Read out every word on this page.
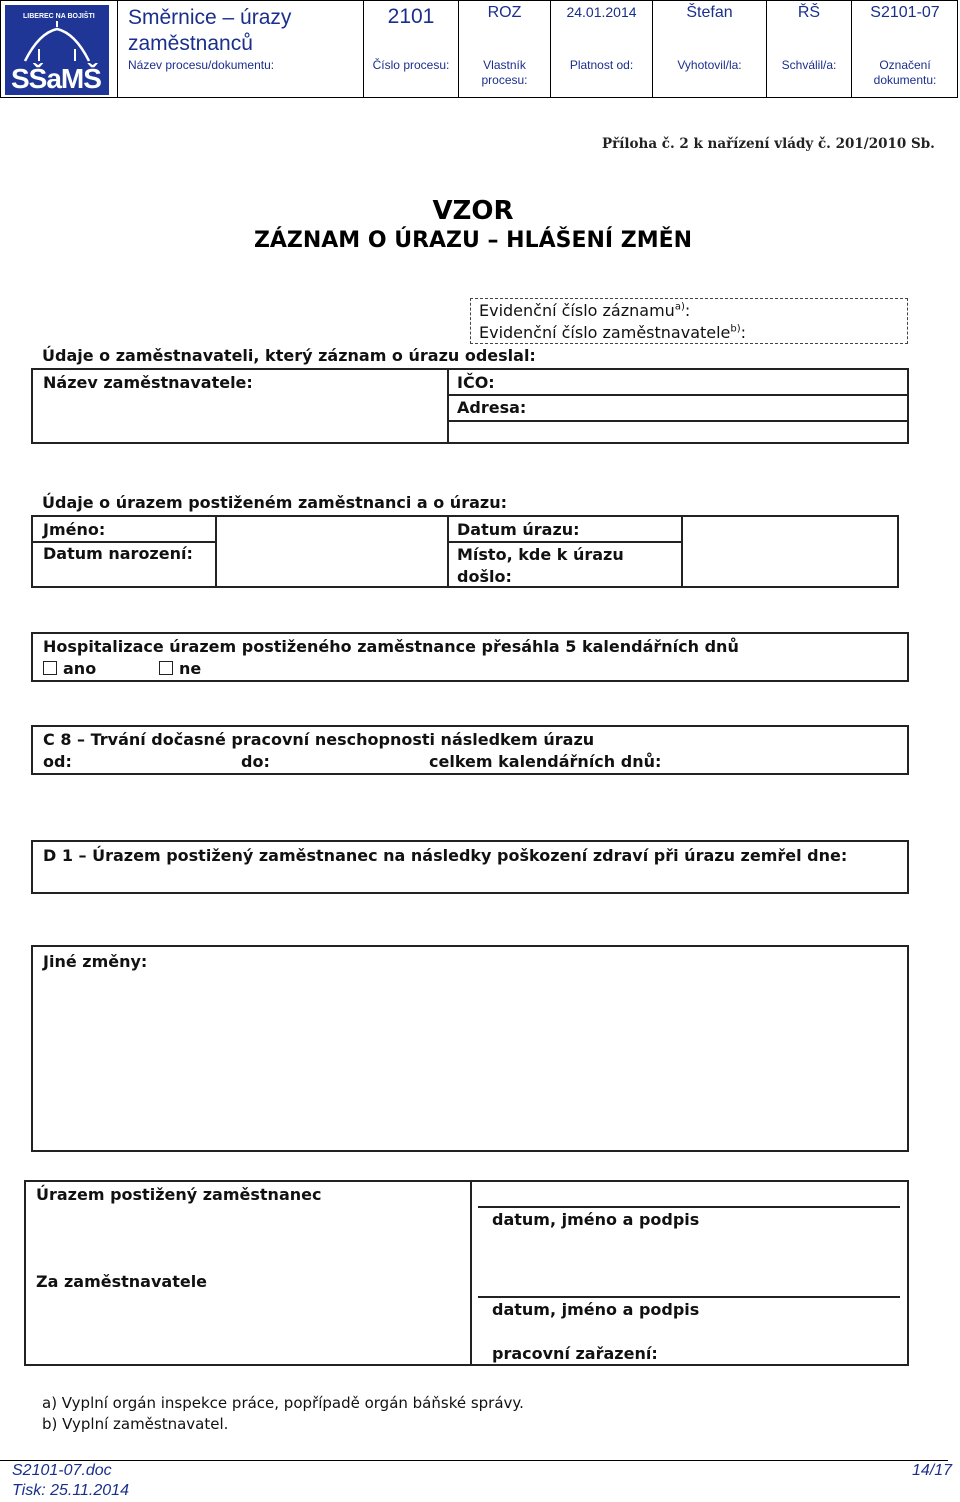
LIBEREC NA BOJIŠTI
SŠaMŠ
Směrnice – úrazy zaměstnanců
Název procesu/dokumentu:
2101
Číslo procesu:
ROZ
Vlastník procesu:
24.01.2014
Platnost od:
Štefan
Vyhotovil/la:
ŘŠ
Schválil/a:
S2101-07
Označení dokumentu:
Příloha č. 2 k nařízení vlády č. 201/2010 Sb.
VZOR
ZÁZNAM O ÚRAZU – HLÁŠENÍ ZMĚN
Evidenční číslo záznamu$^{a)}$:
Evidenční číslo zaměstnavatele$^{b)}$:
Údaje o zaměstnavateli, který záznam o úrazu odeslal:
Název zaměstnavatele:	IČO:
Adresa:
Údaje o úrazem postiženém zaměstnanci a o úrazu:
Jméno:
Datum narození:
Datum úrazu:
Místo, kde k úrazu došlo:
Hospitalizace úrazem postiženého zaměstnance přesáhla 5 kalendářních dnů
ano	ne
C 8 – Trvání dočasné pracovní neschopnosti následkem úrazu
od:	do:	celkem kalendářních dnů:
D 1 – Úrazem postižený zaměstnanec na následky poškození zdraví při úrazu zemřel dne:
Jiné změny:
Úrazem postižený zaměstnanec
Za zaměstnavatele
datum, jméno a podpis
datum, jméno a podpis
pracovní zařazení:
a) Vyplní orgán inspekce práce, popřípadě orgán báňské správy.
b) Vyplní zaměstnavatel.
S2101-07.doc
Tisk: 25.11.2014
14/17
